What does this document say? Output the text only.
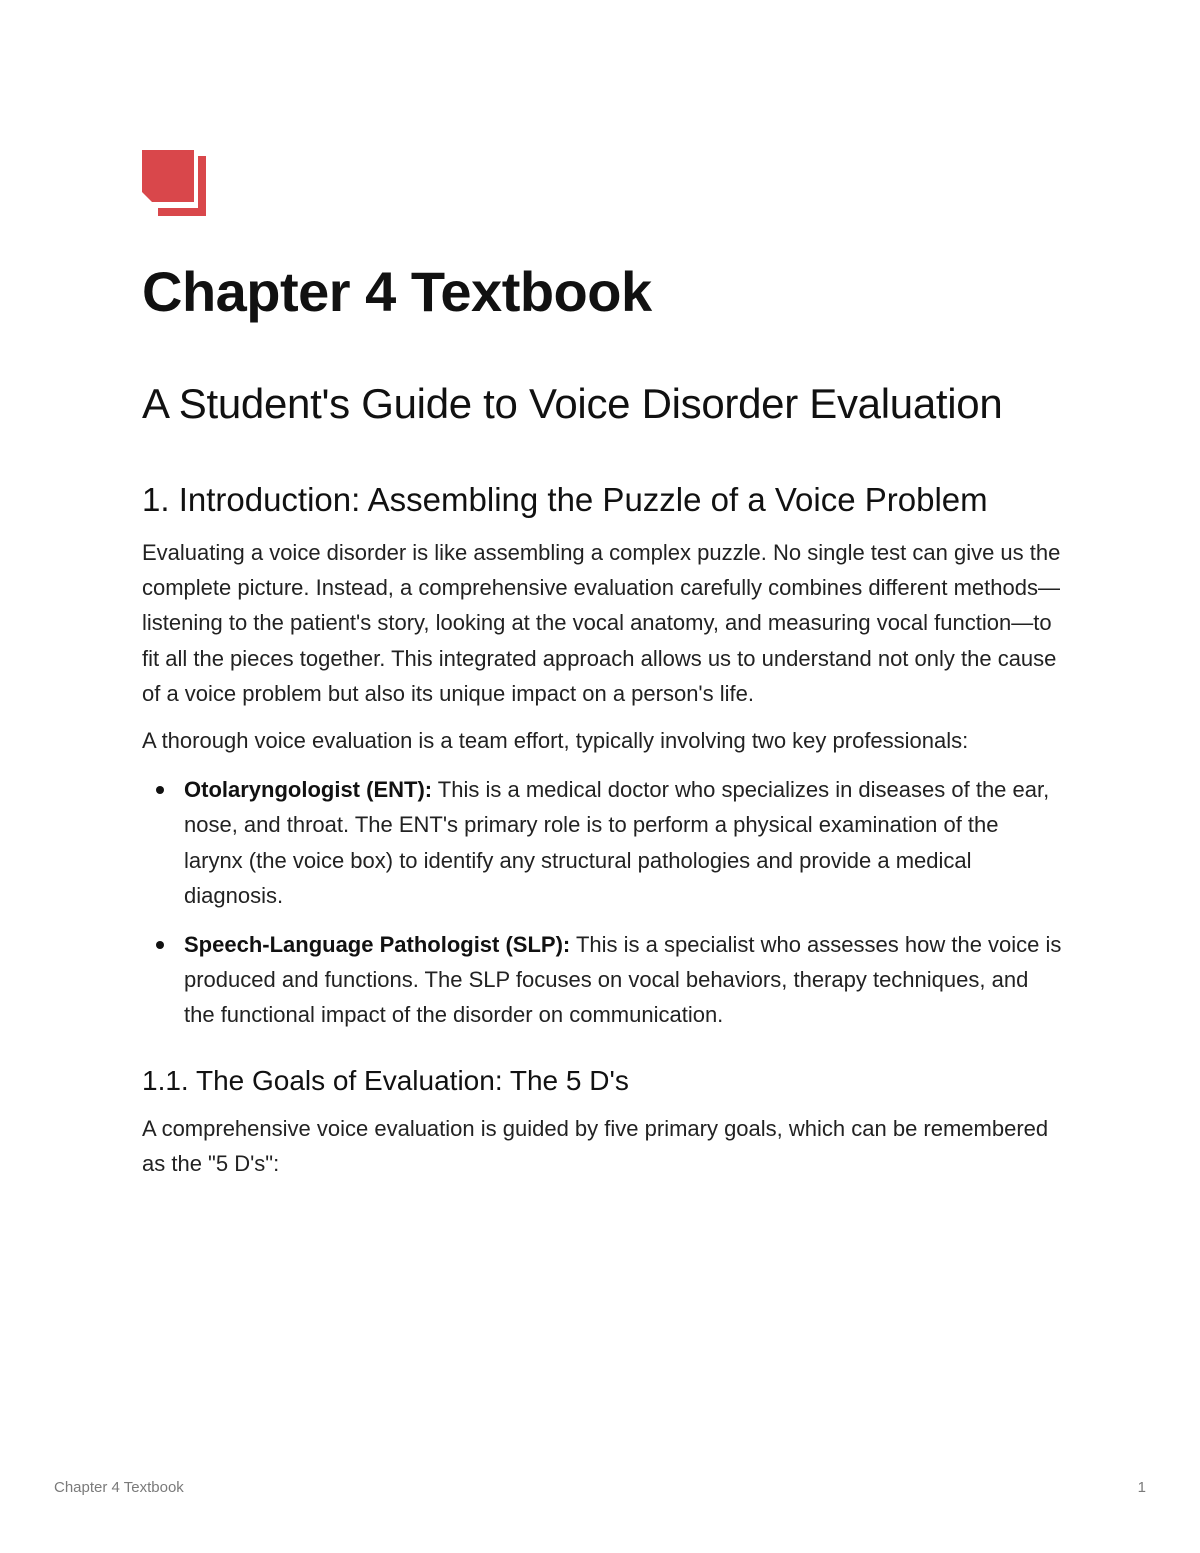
Chapter 4 Textbook
A Student's Guide to Voice Disorder Evaluation
1. Introduction: Assembling the Puzzle of a Voice Problem

Evaluating a voice disorder is like assembling a complex puzzle. No single test can give us the complete picture. Instead, a comprehensive evaluation carefully combines different methods—listening to the patient's story, looking at the vocal anatomy, and measuring vocal function—to fit all the pieces together. This integrated approach allows us to understand not only the cause of a voice problem but also its unique impact on a person's life.

A thorough voice evaluation is a team effort, typically involving two key professionals:

Otolaryngologist (ENT): This is a medical doctor who specializes in diseases of the ear, nose, and throat. The ENT's primary role is to perform a physical examination of the larynx (the voice box) to identify any structural pathologies and provide a medical diagnosis.
Speech-Language Pathologist (SLP): This is a specialist who assesses how the voice is produced and functions. The SLP focuses on vocal behaviors, therapy techniques, and the functional impact of the disorder on communication.
1.1. The Goals of Evaluation: The 5 D's

A comprehensive voice evaluation is guided by five primary goals, which can be remembered as the "5 D's":

Chapter 4 Textbook	1
